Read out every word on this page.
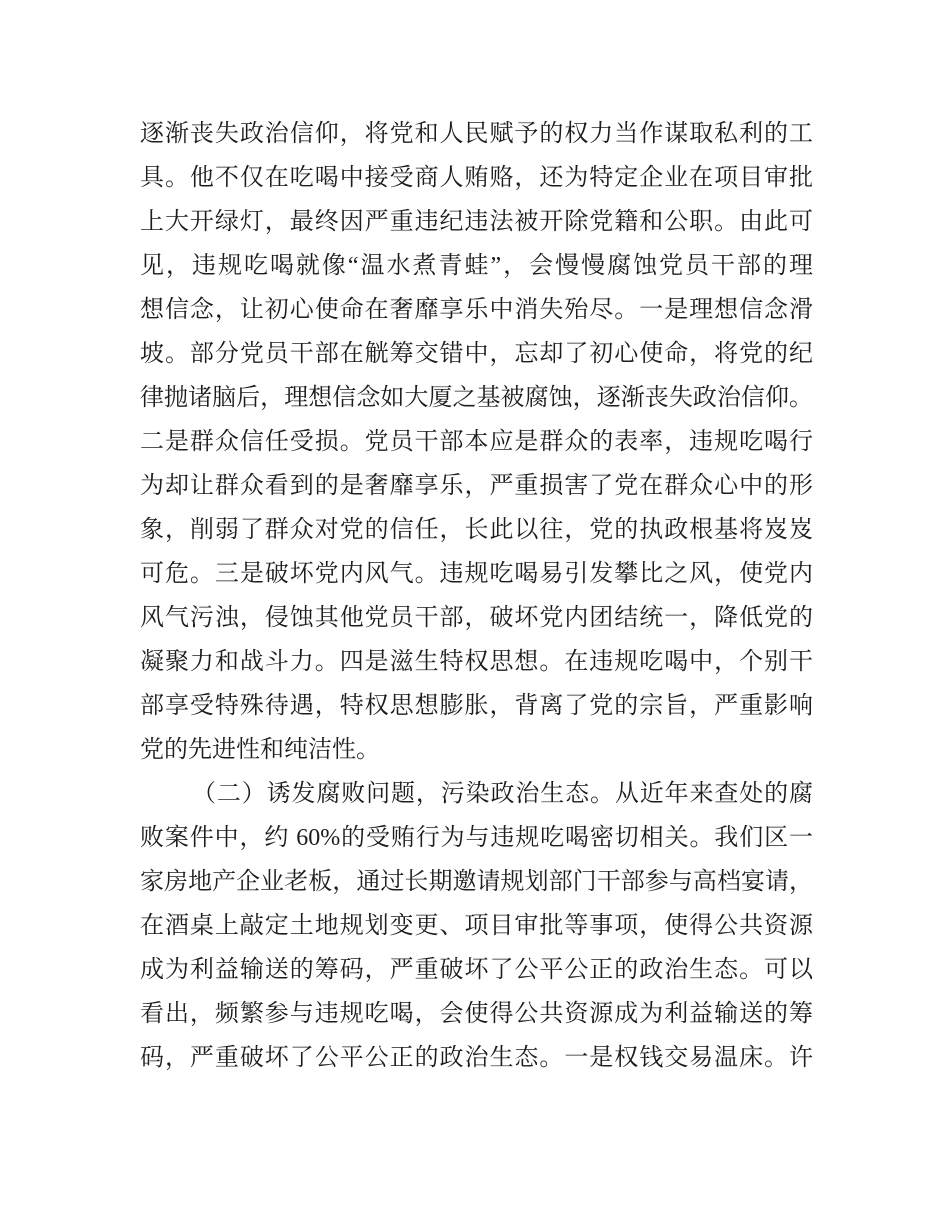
逐渐丧失政治信仰，将党和人民赋予的权力当作谋取私利的工
具。他不仅在吃喝中接受商人贿赂，还为特定企业在项目审批
上大开绿灯，最终因严重违纪违法被开除党籍和公职。由此可
见，违规吃喝就像“温水煮青蛙”，会慢慢腐蚀党员干部的理
想信念，让初心使命在奢靡享乐中消失殆尽。一是理想信念滑
坡。部分党员干部在觥筹交错中，忘却了初心使命，将党的纪
律抛诸脑后，理想信念如大厦之基被腐蚀，逐渐丧失政治信仰。
二是群众信任受损。党员干部本应是群众的表率，违规吃喝行
为却让群众看到的是奢靡享乐，严重损害了党在群众心中的形
象，削弱了群众对党的信任，长此以往，党的执政根基将岌岌
可危。三是破坏党内风气。违规吃喝易引发攀比之风，使党内
风气污浊，侵蚀其他党员干部，破坏党内团结统一，降低党的
凝聚力和战斗力。四是滋生特权思想。在违规吃喝中，个别干
部享受特殊待遇，特权思想膨胀，背离了党的宗旨，严重影响
党的先进性和纯洁性。
（二）诱发腐败问题，污染政治生态。从近年来查处的腐
败案件中，约 60%的受贿行为与违规吃喝密切相关。我们区一
家房地产企业老板，通过长期邀请规划部门干部参与高档宴请，
在酒桌上敲定土地规划变更、项目审批等事项，使得公共资源
成为利益输送的筹码，严重破坏了公平公正的政治生态。可以
看出，频繁参与违规吃喝，会使得公共资源成为利益输送的筹
码，严重破坏了公平公正的政治生态。一是权钱交易温床。许
